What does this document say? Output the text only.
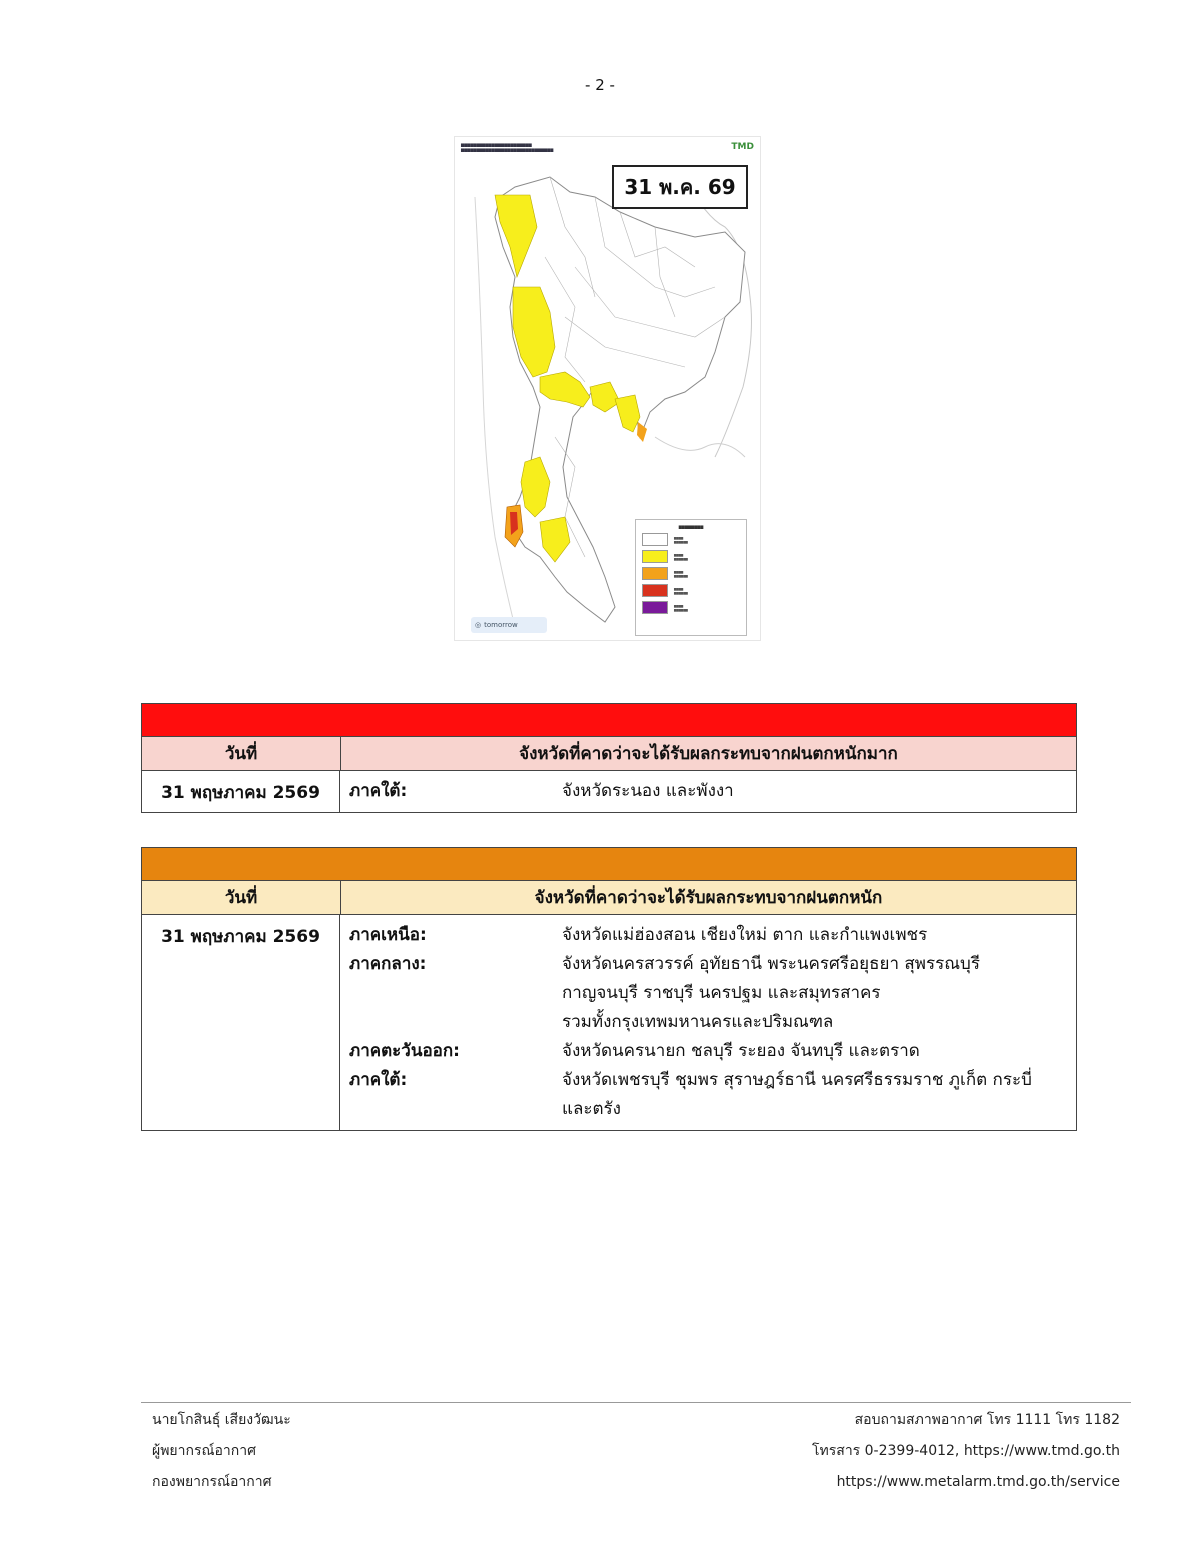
- 2 -
▆▆▆▆▆▆▆▆▆▆▆▆▆▆▆▆▆▆▆▆▆▆▆
▆▆▆▆▆▆▆▆▆▆▆▆▆▆▆▆▆▆▆▆▆▆▆▆▆▆▆▆▆▆	TMD
31 พ.ค. 69
▆▆▆▆▆▆▆▆
▆▆▆▆
▆▆▆▆▆▆
▆▆▆▆
▆▆▆▆▆▆
▆▆▆▆
▆▆▆▆▆▆
▆▆▆▆
▆▆▆▆▆▆
▆▆▆▆
▆▆▆▆▆▆
◎ tomorrow
วันที่	จังหวัดที่คาดว่าจะได้รับผลกระทบจากฝนตกหนักมาก
31 พฤษภาคม 2569	ภาคใต้:	จังหวัดระนอง และพังงา
วันที่	จังหวัดที่คาดว่าจะได้รับผลกระทบจากฝนตกหนัก
31 พฤษภาคม 2569	ภาคเหนือ:	จังหวัดแม่ฮ่องสอน เชียงใหม่ ตาก และกำแพงเพชร
ภาคกลาง:	จังหวัดนครสวรรค์ อุทัยธานี พระนครศรีอยุธยา สุพรรณบุรี
กาญจนบุรี ราชบุรี นครปฐม และสมุทรสาคร
รวมทั้งกรุงเทพมหานครและปริมณฑล
ภาคตะวันออก:	จังหวัดนครนายก ชลบุรี ระยอง จันทบุรี และตราด
ภาคใต้:	จังหวัดเพชรบุรี ชุมพร สุราษฎร์ธานี นครศรีธรรมราช ภูเก็ต กระบี่
และตรัง
นายโกสินธุ์ เสียงวัฒนะ
ผู้พยากรณ์อากาศ
กองพยากรณ์อากาศ
สอบถามสภาพอากาศ โทร 1111 โทร 1182
โทรสาร 0-2399-4012, https://www.tmd.go.th
https://www.metalarm.tmd.go.th/service
